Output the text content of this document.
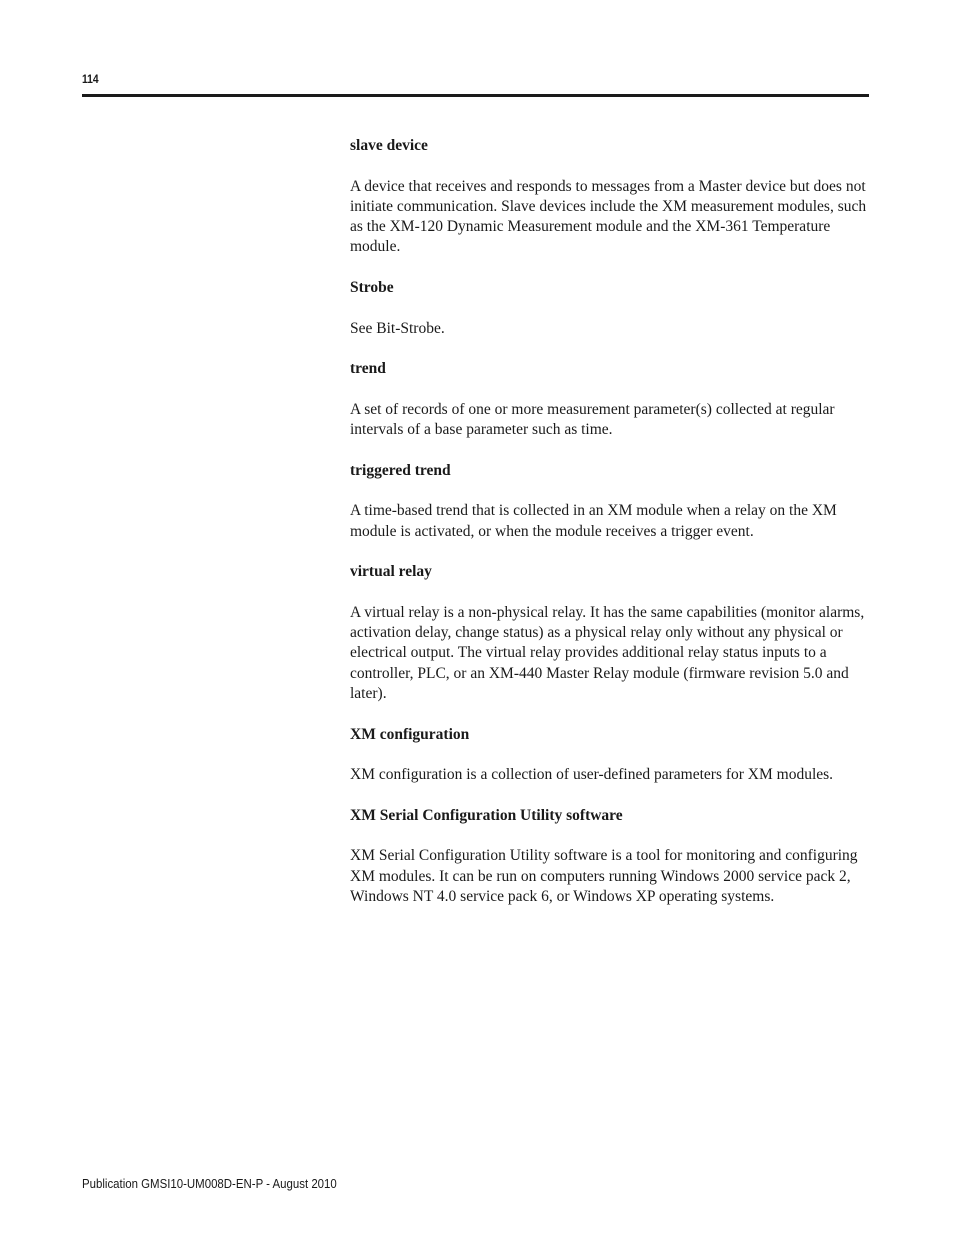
114

slave device

A device that receives and responds to messages from a Master device but does not initiate communication. Slave devices include the XM measurement modules, such as the XM-120 Dynamic Measurement module and the XM-361 Temperature module.

Strobe

See Bit-Strobe.

trend

A set of records of one or more measurement parameter(s) collected at regular intervals of a base parameter such as time.

triggered trend

A time-based trend that is collected in an XM module when a relay on the XM module is activated, or when the module receives a trigger event.

virtual relay

A virtual relay is a non-physical relay. It has the same capabilities (monitor alarms, activation delay, change status) as a physical relay only without any physical or electrical output. The virtual relay provides additional relay status inputs to a controller, PLC, or an XM-440 Master Relay module (firmware revision 5.0 and later).

XM configuration

XM configuration is a collection of user-defined parameters for XM modules.

XM Serial Configuration Utility software

XM Serial Configuration Utility software is a tool for monitoring and configuring XM modules. It can be run on computers running Windows 2000 service pack 2, Windows NT 4.0 service pack 6, or Windows XP operating systems.

Publication GMSI10-UM008D-EN-P - August 2010
